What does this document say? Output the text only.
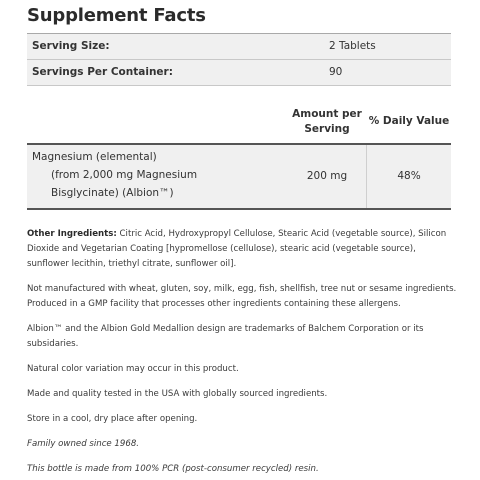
Supplement Facts
Serving Size:	2 Tablets
Servings Per Container:	90
Amount per
Serving
% Daily Value
Magnesium (elemental)
(from 2,000 mg Magnesium
Bisglycinate) (Albion™)
200 mg	48%

Other Ingredients: Citric Acid, Hydroxypropyl Cellulose, Stearic Acid (vegetable source), Silicon Dioxide and Vegetarian Coating [hypromellose (cellulose), stearic acid (vegetable source), sunflower lecithin, triethyl citrate, sunflower oil].

Not manufactured with wheat, gluten, soy, milk, egg, fish, shellfish, tree nut or sesame ingredients. Produced in a GMP facility that processes other ingredients containing these allergens.

Albion™ and the Albion Gold Medallion design are trademarks of Balchem Corporation or its subsidaries.

Natural color variation may occur in this product.

Made and quality tested in the USA with globally sourced ingredients.

Store in a cool, dry place after opening.

Family owned since 1968.

This bottle is made from 100% PCR (post-consumer recycled) resin.
